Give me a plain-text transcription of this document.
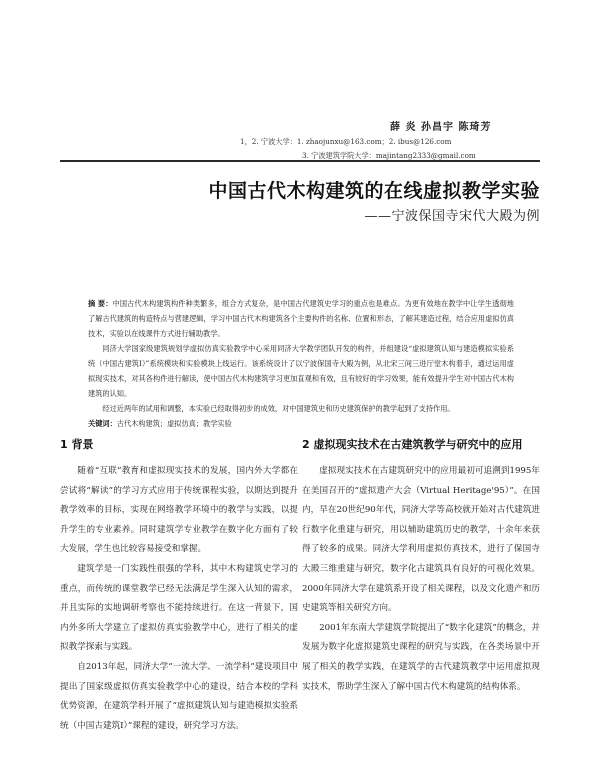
薛 炎 孙昌宇 陈琦芳
1，2. 宁波大学：1. zhaojunxu@163.com；2. ibus@126.com
3. 宁波建筑学院大学：majintang2333@gmail.com
中国古代木构建筑的在线虚拟教学实验
——宁波保国寺宋代大殿为例

摘 要：中国古代木构建筑构件种类繁多，组合方式复杂，是中国古代建筑史学习的重点也是难点。为更有效地在教学中让学生透彻地了解古代建筑的构造特点与营建逻辑，学习中国古代木构建筑各个主要构件的名称、位置和形态，了解其建造过程，结合应用虚拟仿真技术，实验以在线课件方式进行辅助教学。

同济大学国家级建筑规划学虚拟仿真实验教学中心采用同济大学教学团队开发的构件，并组建设“虚拟建筑认知与建造模拟实验系统（中国古建筑Ⅰ）”系统模块和实验模块上线运行。该系统设计了以宁波保国寺大殿为例，从北宋三间三进厅堂木构着手，通过运用虚拟现实技术，对其各构件进行解读，使中国古代木构建筑学习更加直观和有效，且有较好的学习效果，能有效提升学生对中国古代木构建筑的认知。

经过近两年的试用和调整，本实验已经取得初步的成效，对中国建筑史和历史建筑保护的教学起到了支持作用。

关键词：古代木构建筑；虚拟仿真；教学实验
1 背景

随着“互联”教育和虚拟现实技术的发展，国内外大学都在尝试将“解读”的学习方式应用于传统课程实验，以期达到提升教学效率的目标，实现在网络教学环境中的教学与实践，以提升学生的专业素养。同时建筑学专业教学在数字化方面有了较大发展，学生也比较容易接受和掌握。

建筑学是一门实践性很强的学科，其中木构建筑史学习的重点，而传统的课堂教学已经无法满足学生深入认知的需求，并且实际的实地调研考察也不能持续进行。在这一背景下，国内外多所大学建立了虚拟仿真实验教学中心，进行了相关的虚拟教学探索与实践。

自2013年起，同济大学“一流大学、一流学科”建设项目中提出了国家级虚拟仿真实验教学中心的建设，结合本校的学科优势资源，在建筑学科开展了“虚拟建筑认知与建造模拟实验系统（中国古建筑Ⅰ）”课程的建设，研究学习方法。

2 虚拟现实技术在古建筑教学与研究中的应用

虚拟现实技术在古建筑研究中的应用最初可追溯到1995年在美国召开的“虚拟遗产大会（Virtual Heritage'95）”。在国内，早在20世纪90年代，同济大学等高校就开始对古代建筑进行数字化重建与研究，用以辅助建筑历史的教学，十余年来获得了较多的成果。同济大学利用虚拟仿真技术，进行了保国寺大殿三维重建与研究，数字化古建筑具有良好的可视化效果。2000年同济大学在建筑系开设了相关课程，以及文化遗产和历史建筑等相关研究方向。

2001年东南大学建筑学院提出了“数字化建筑”的概念，并发展为数字化虚拟建筑史课程的研究与实践，在各类场景中开展了相关的教学实践，在建筑学的古代建筑教学中运用虚拟现实技术，帮助学生深入了解中国古代木构建筑的结构体系。
